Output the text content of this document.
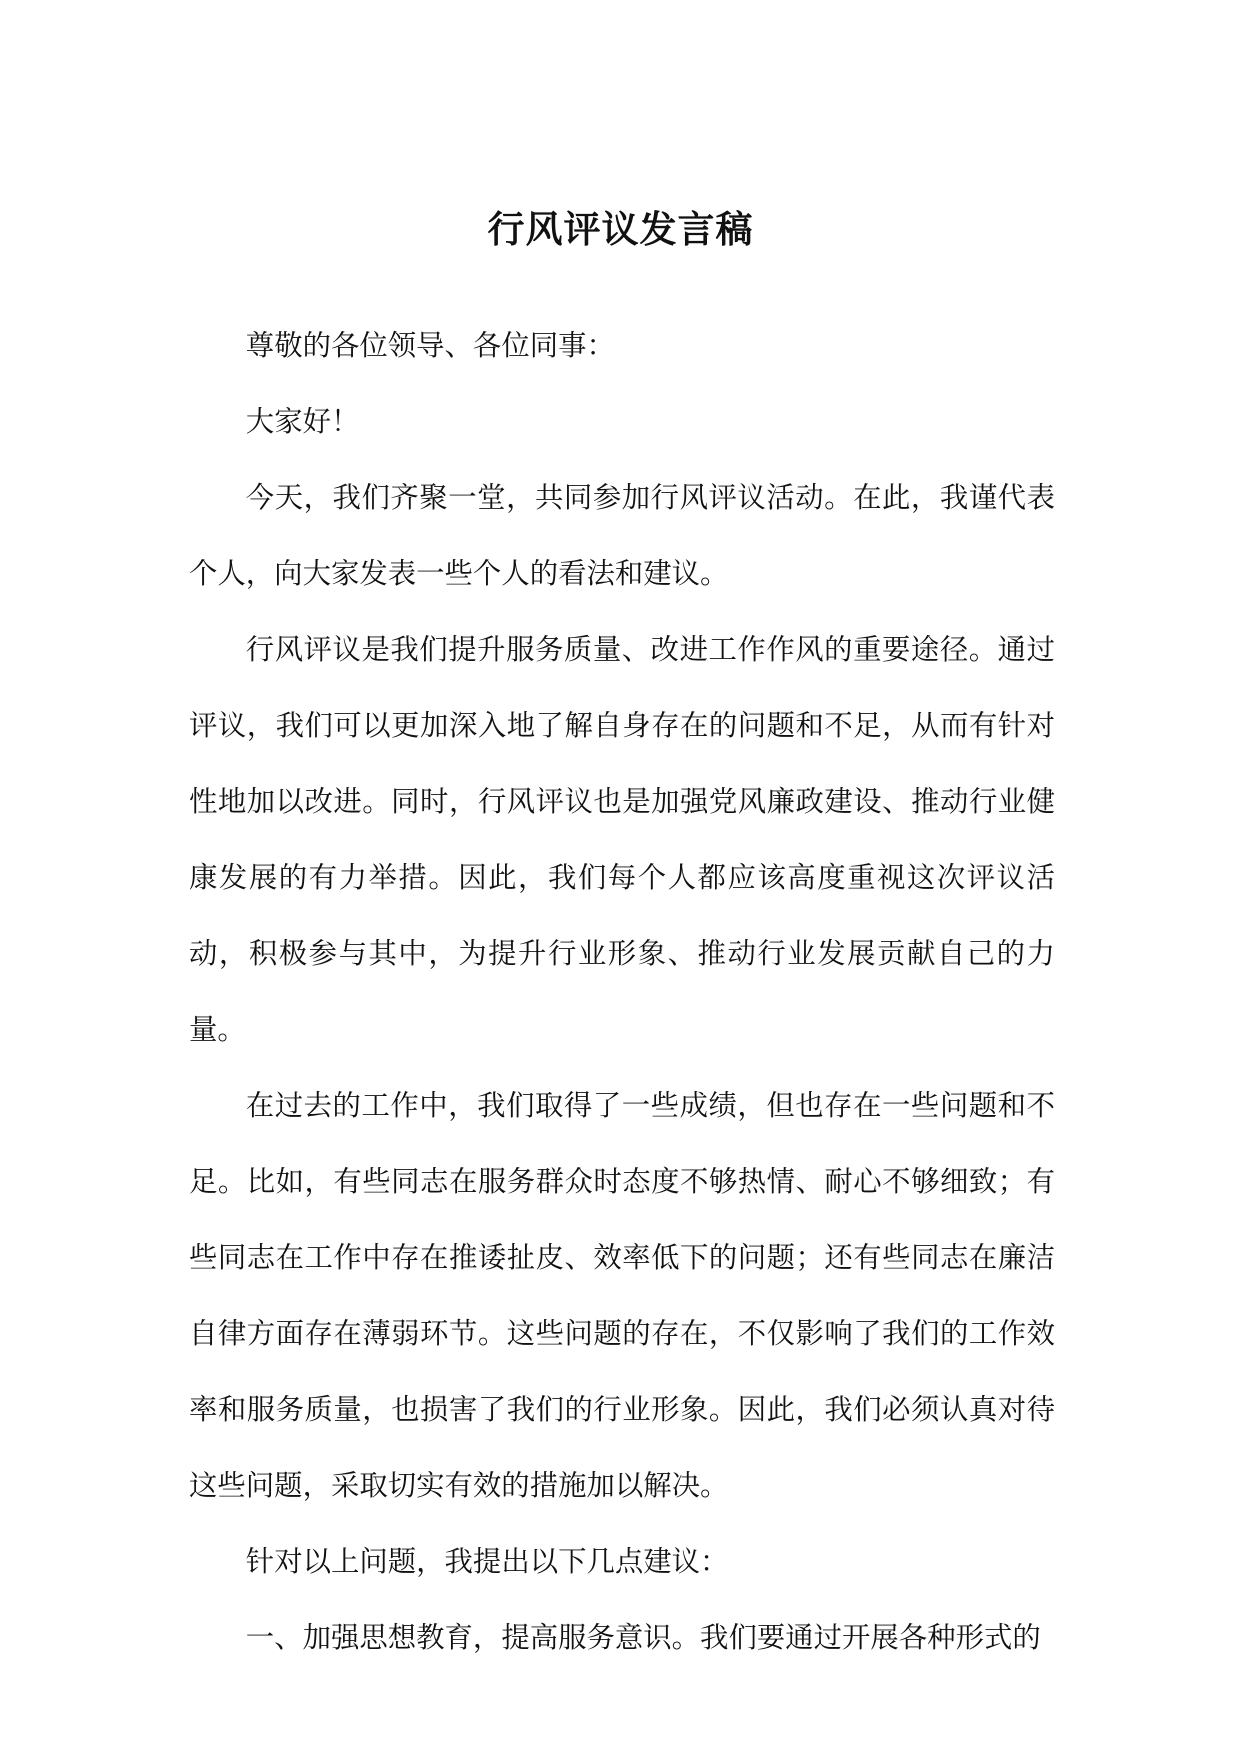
行风评议发言稿

尊敬的各位领导、各位同事：

大家好！

今天，我们齐聚一堂，共同参加行风评议活动。在此，我谨代表个人，向大家发表一些个人的看法和建议。

行风评议是我们提升服务质量、改进工作作风的重要途径。通过评议，我们可以更加深入地了解自身存在的问题和不足，从而有针对性地加以改进。同时，行风评议也是加强党风廉政建设、推动行业健康发展的有力举措。因此，我们每个人都应该高度重视这次评议活动，积极参与其中，为提升行业形象、推动行业发展贡献自己的力量。

在过去的工作中，我们取得了一些成绩，但也存在一些问题和不足。比如，有些同志在服务群众时态度不够热情、耐心不够细致；有些同志在工作中存在推诿扯皮、效率低下的问题；还有些同志在廉洁自律方面存在薄弱环节。这些问题的存在，不仅影响了我们的工作效率和服务质量，也损害了我们的行业形象。因此，我们必须认真对待这些问题，采取切实有效的措施加以解决。

针对以上问题，我提出以下几点建议：

一、加强思想教育，提高服务意识。我们要通过开展各种形式的
